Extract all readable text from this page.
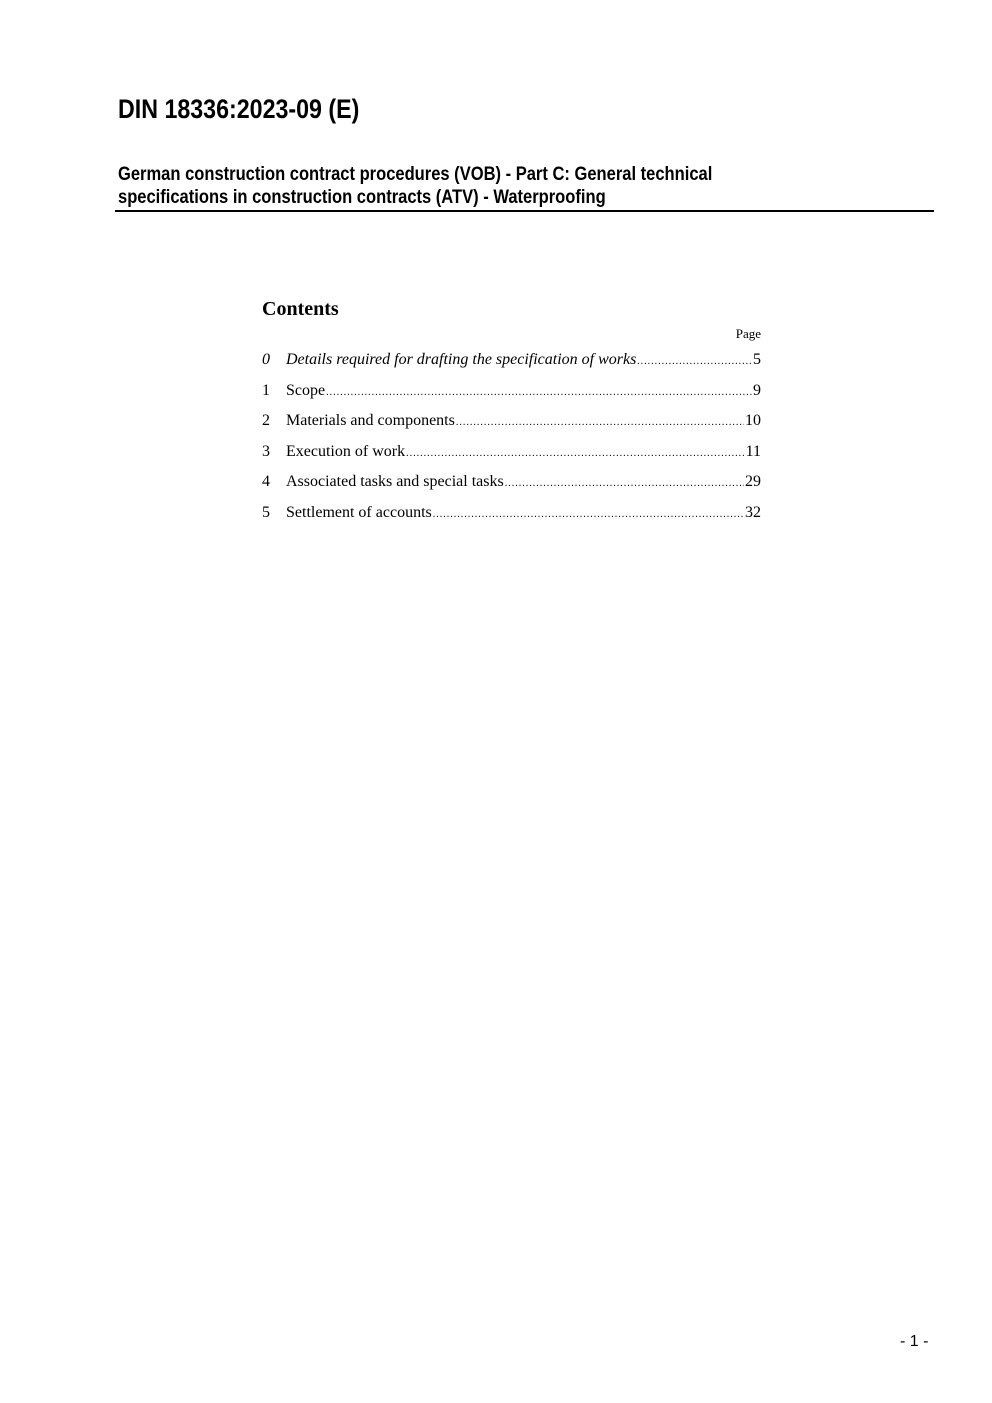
DIN 18336:2023-09 (E)
German construction contract procedures (VOB) - Part C: General technical
specifications in construction contracts (ATV) - Waterproofing
Contents
Page
0	Details required for drafting the specification of works .....	5
1	Scope .....	9
2	Materials and components .....	10
3	Execution of work .....	11
4	Associated tasks and special tasks .....	29
5	Settlement of accounts .....	32
- 1 -
